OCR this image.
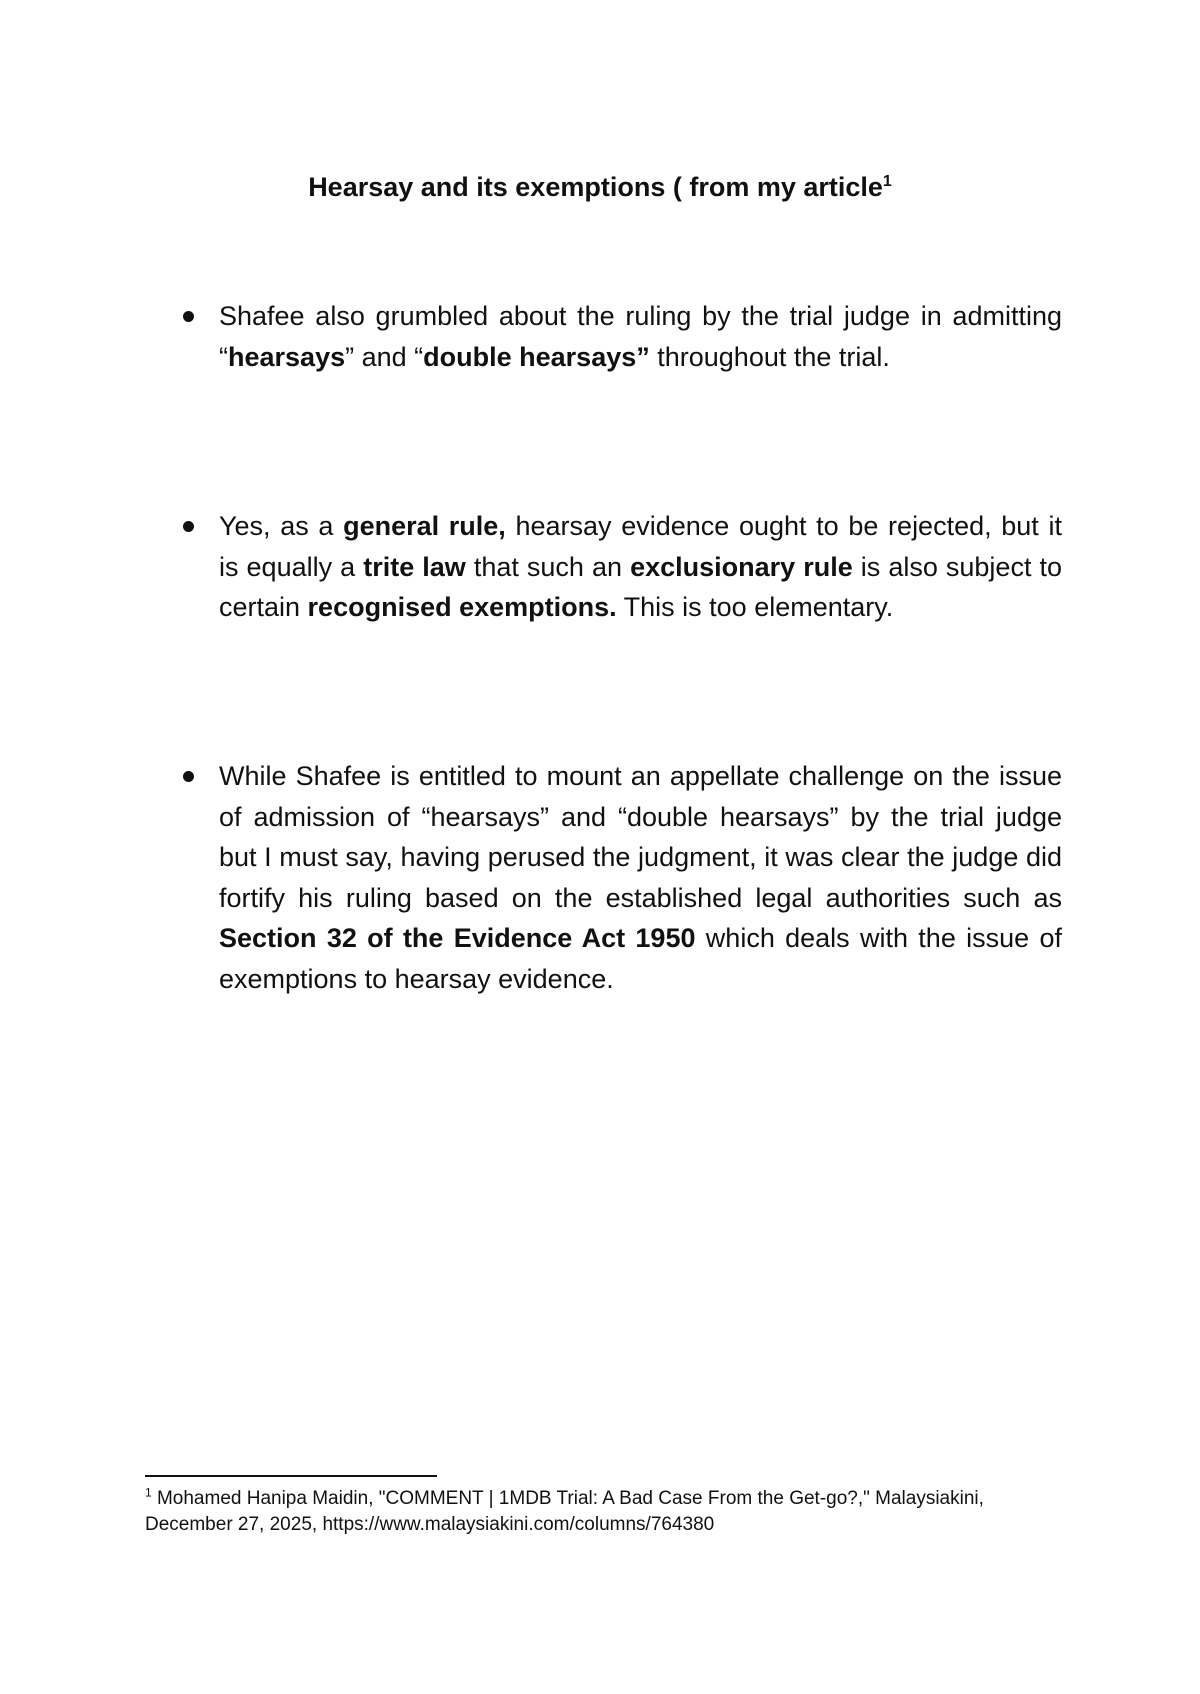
Hearsay and its exemptions ( from my article$^1$
Shafee also grumbled about the ruling by the trial judge in admitting “hearsays” and “double hearsays” throughout the trial.
Yes, as a general rule, hearsay evidence ought to be rejected, but it is equally a trite law that such an exclusionary rule is also subject to certain recognised exemptions. This is too elementary.
While Shafee is entitled to mount an appellate challenge on the issue of admission of “hearsays” and “double hearsays” by the trial judge but I must say, having perused the judgment, it was clear the judge did fortify his ruling based on the established legal authorities such as Section 32 of the Evidence Act 1950 which deals with the issue of exemptions to hearsay evidence.
$^1$ Mohamed Hanipa Maidin, "COMMENT | 1MDB Trial: A Bad Case From the Get-go?," Malaysiakini, December 27, 2025, https://www.malaysiakini.com/columns/764380
